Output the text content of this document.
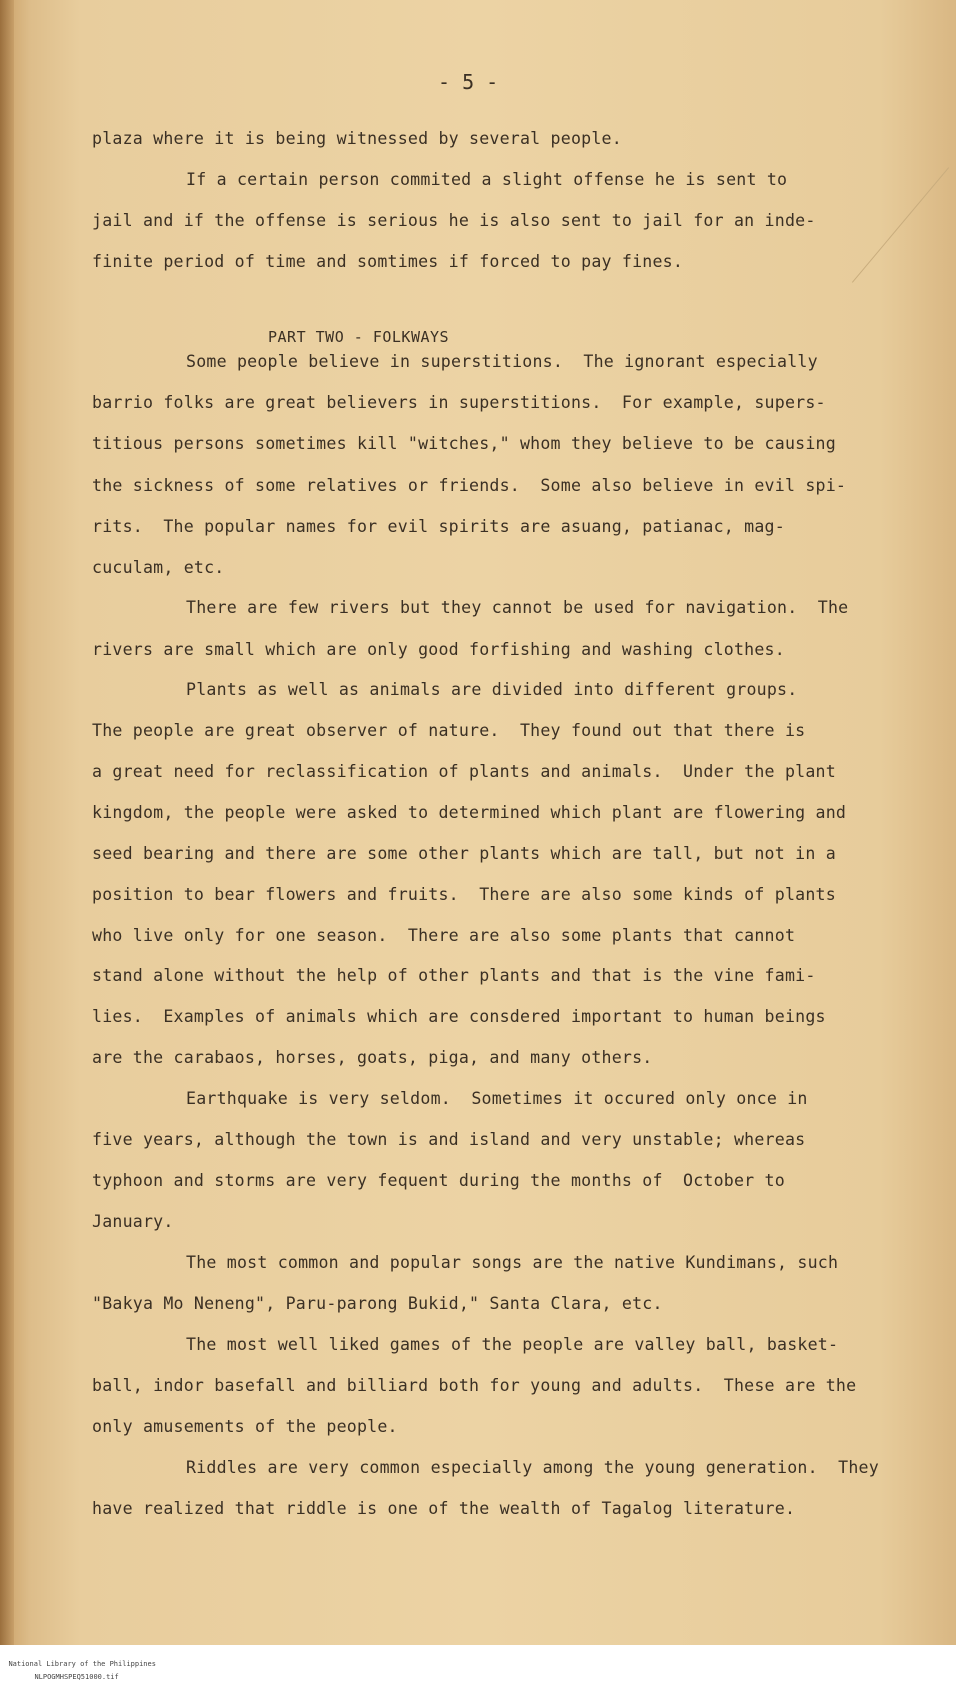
- 5 -

plaza where it is being witnessed by several people.

If a certain person commited a slight offense he is sent to

jail and if the offense is serious he is also sent to jail for an inde-

finite period of time and somtimes if forced to pay fines.

PART TWO - FOLKWAYS

Some people believe in superstitions.  The ignorant especially

barrio folks are great believers in superstitions.  For example, supers-

titious persons sometimes kill "witches," whom they believe to be causing

the sickness of some relatives or friends.  Some also believe in evil spi-

rits.  The popular names for evil spirits are asuang, patianac, mag-

cuculam, etc.

There are few rivers but they cannot be used for navigation.  The

rivers are small which are only good forfishing and washing clothes.

Plants as well as animals are divided into different groups.

The people are great observer of nature.  They found out that there is

a great need for reclassification of plants and animals.  Under the plant

kingdom, the people were asked to determined which plant are flowering and

seed bearing and there are some other plants which are tall, but not in a

position to bear flowers and fruits.  There are also some kinds of plants

who live only for one season.  There are also some plants that cannot

stand alone without the help of other plants and that is the vine fami-

lies.  Examples of animals which are consdered important to human beings

are the carabaos, horses, goats, piga, and many others.

Earthquake is very seldom.  Sometimes it occured only once in

five years, although the town is and island and very unstable; whereas

typhoon and storms are very fequent during the months of  October to

January.

The most common and popular songs are the native Kundimans, such

"Bakya Mo Neneng", Paru-parong Bukid," Santa Clara, etc.

The most well liked games of the people are valley ball, basket-

ball, indor basefall and billiard both for young and adults.  These are the

only amusements of the people.

Riddles are very common especially among the young generation.  They

have realized that riddle is one of the wealth of Tagalog literature.

National Library of the Philippines
NLPOGMHSPEQ51000.tif
